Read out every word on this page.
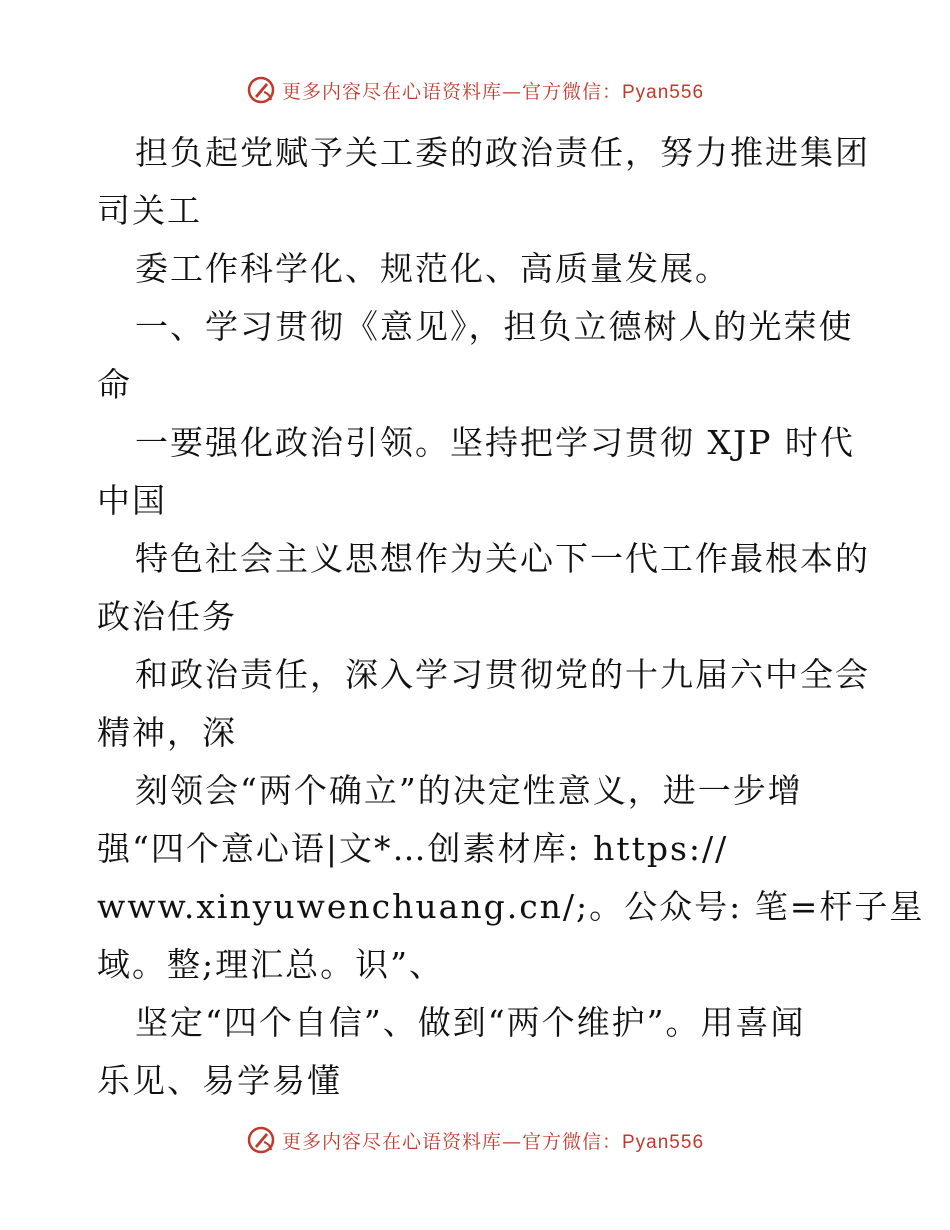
更多内容尽在心语资料库—官方微信：Pyan556
担负起党赋予关工委的政治责任，努力推进集团
司关工
委工作科学化、规范化、高质量发展。
一、学习贯彻《意见》，担负立德树人的光荣使
命
一要强化政治引领。坚持把学习贯彻 XJP 时代
中国
特色社会主义思想作为关心下一代工作最根本的
政治任务
和政治责任，深入学习贯彻党的十九届六中全会
精神，深
刻领会“两个确立”的决定性意义，进一步增
强“四个意心语|文*…创素材库: https://
www.xinyuwenchuang.cn/;。公众号: 笔=杆子星
域。整;理汇总。识”、
坚定“四个自信”、做到“两个维护”。用喜闻
乐见、易学易懂
更多内容尽在心语资料库—官方微信：Pyan556
